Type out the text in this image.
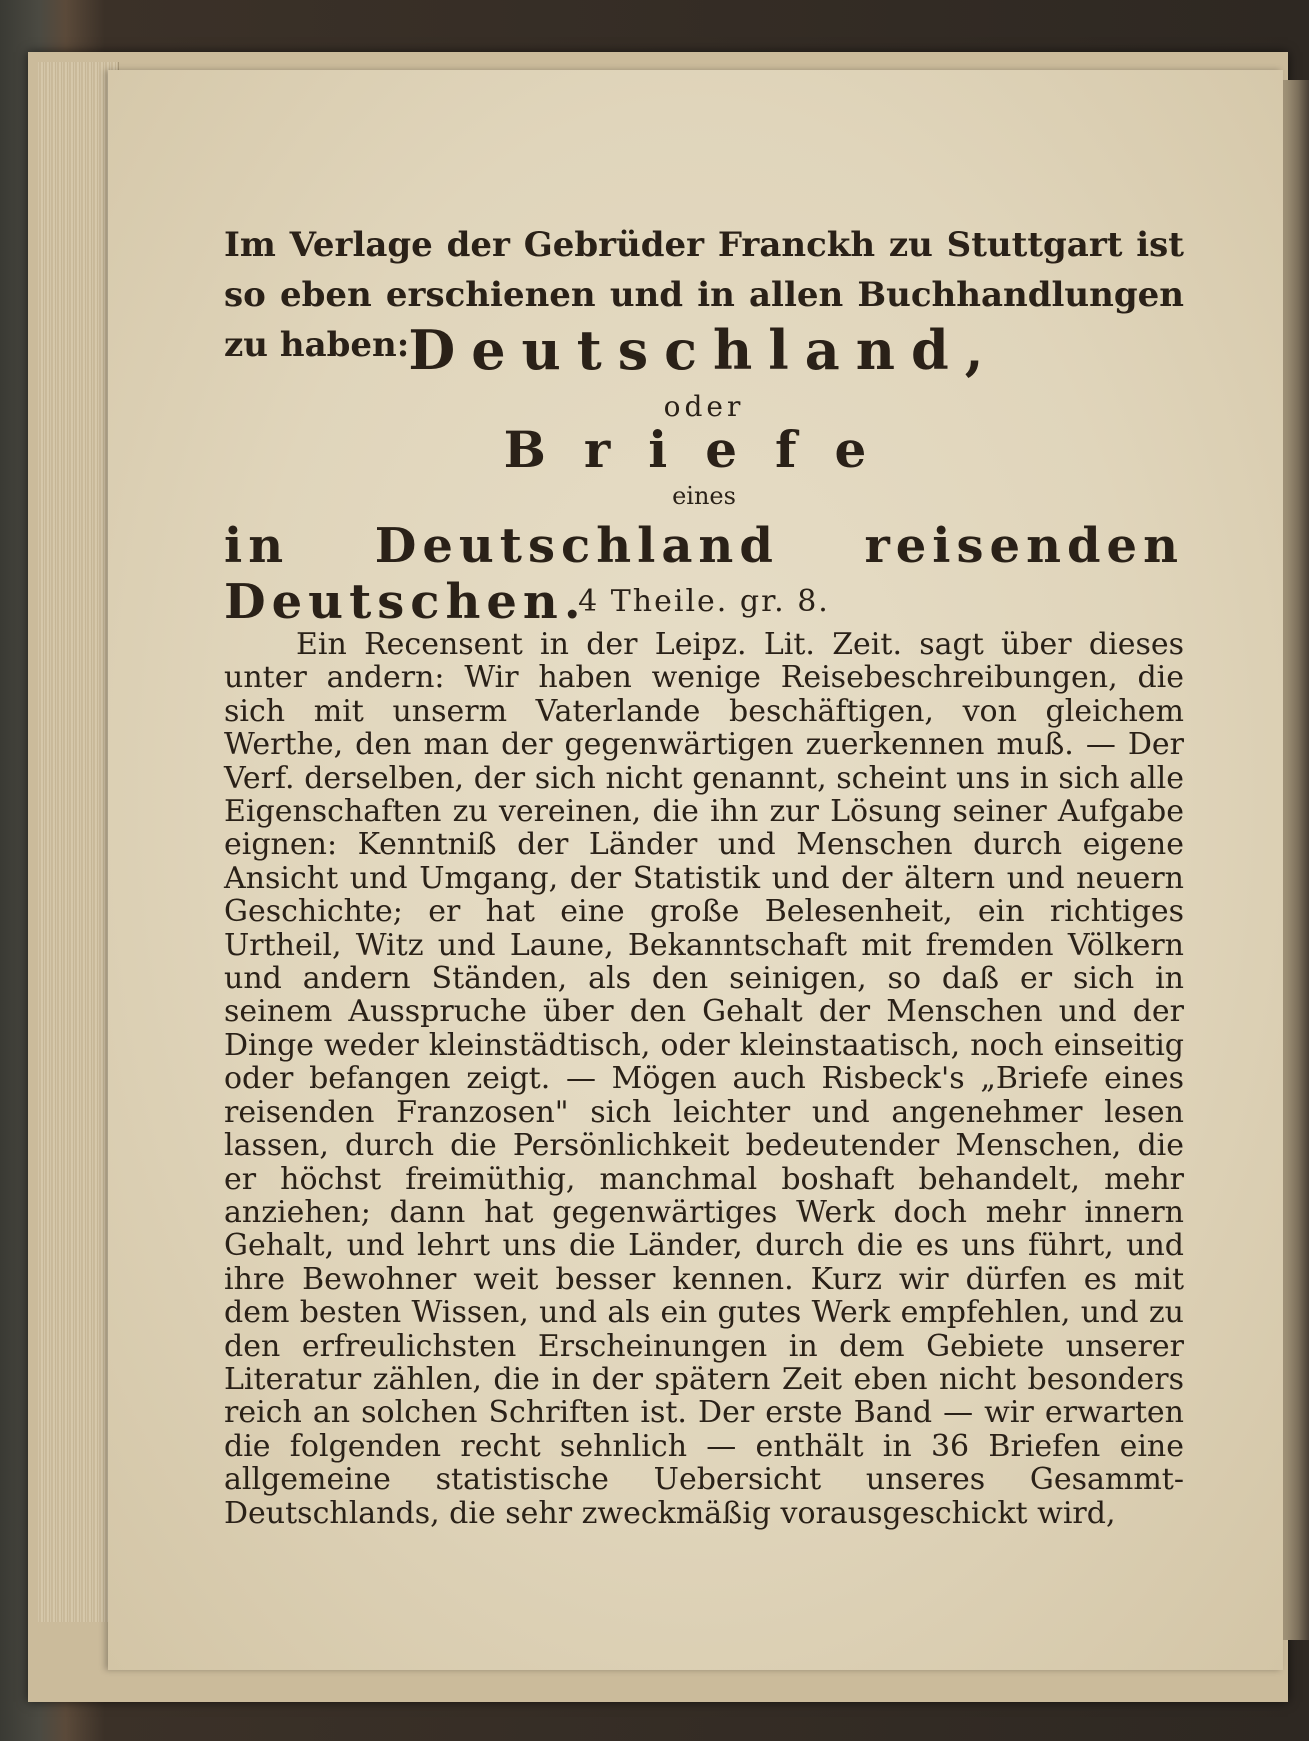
Im Verlage der Gebrüder Franckh zu Stuttgart ist so eben erschienen und in allen Buchhandlungen zu haben: Deutschland,
oder
Briefe
eines
in Deutschland reisenden Deutschen.
4 Theile. gr. 8.
Ein Recensent in der Leipz. Lit. Zeit. sagt über dieses unter andern: Wir haben wenige Reisebeschreibungen, die sich mit unserm Vaterlande beschäftigen, von gleichem Werthe, den man der gegenwärtigen zuerkennen muß. — Der Verf. derselben, der sich nicht genannt, scheint uns in sich alle Eigenschaften zu vereinen, die ihn zur Lösung seiner Aufgabe eignen: Kenntniß der Länder und Menschen durch eigene Ansicht und Umgang, der Statistik und der ältern und neuern Geschichte; er hat eine große Belesenheit, ein richtiges Urtheil, Witz und Laune, Bekanntschaft mit fremden Völkern und andern Ständen, als den seinigen, so daß er sich in seinem Ausspruche über den Gehalt der Menschen und der Dinge weder kleinstädtisch, oder kleinstaatisch, noch einseitig oder befangen zeigt. — Mögen auch Risbeck's „Briefe eines reisenden Franzosen" sich leichter und angenehmer lesen lassen, durch die Persönlichkeit bedeutender Menschen, die er höchst freimüthig, manchmal boshaft behandelt, mehr anziehen; dann hat gegenwärtiges Werk doch mehr innern Gehalt, und lehrt uns die Länder, durch die es uns führt, und ihre Bewohner weit besser kennen. Kurz wir dürfen es mit dem besten Wissen, und als ein gutes Werk empfehlen, und zu den erfreulichsten Erscheinungen in dem Gebiete unserer Literatur zählen, die in der spätern Zeit eben nicht besonders reich an solchen Schriften ist. Der erste Band — wir erwarten die folgenden recht sehnlich — enthält in 36 Briefen eine allgemeine statistische Uebersicht unseres Gesammt-Deutschlands, die sehr zweckmäßig vorausgeschickt wird,
